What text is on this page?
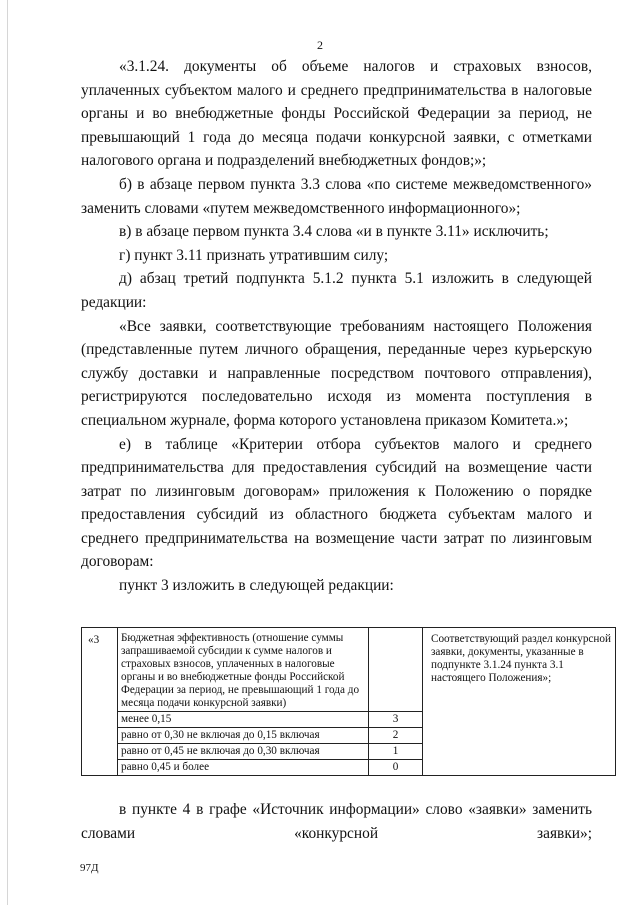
2

«3.1.24. документы об объеме налогов и страховых взносов, уплаченных субъектом малого и среднего предпринимательства в налоговые органы и во внебюджетные фонды Российской Федерации за период, не превышающий 1 года до месяца подачи конкурсной заявки, с отметками налогового органа и подразделений внебюджетных фондов;»;

б) в абзаце первом пункта 3.3 слова «по системе межведомственного» заменить словами «путем межведомственного информационного»;

в) в абзаце первом пункта 3.4 слова «и в пункте 3.11» исключить;

г) пункт 3.11 признать утратившим силу;

д) абзац третий подпункта 5.1.2 пункта 5.1 изложить в следующей редакции:

«Все заявки, соответствующие требованиям настоящего Положения (представленные путем личного обращения, переданные через курьерскую службу доставки и направленные посредством почтового отправления), регистрируются последовательно исходя из момента поступления в специальном журнале, форма которого установлена приказом Комитета.»;

е) в таблице «Критерии отбора субъектов малого и среднего предпринимательства для предоставления субсидий на возмещение части затрат по лизинговым договорам» приложения к Положению о порядке предоставления субсидий из областного бюджета субъектам малого и среднего предпринимательства на возмещение части затрат по лизинговым договорам:

пункт 3 изложить в следующей редакции:

«3	Бюджетная эффективность (отношение суммы запрашиваемой субсидии к сумме налогов и страховых взносов, уплаченных в налоговые органы и во внебюджетные фонды Российской Федерации за период, не превышающий 1 года до месяца подачи конкурсной заявки)		Соответствующий раздел конкурсной заявки, документы, указанные в подпункте 3.1.24 пункта 3.1 настоящего Положения»;
	менее 0,15	3	
	равно от 0,30 не включая до 0,15 включая	2	
	равно от 0,45 не включая до 0,30 включая	1	
	равно 0,45 и более	0	

в пункте 4 в графе «Источник информации» слово «заявки» заменить словами «конкурсной заявки»;

97Д
